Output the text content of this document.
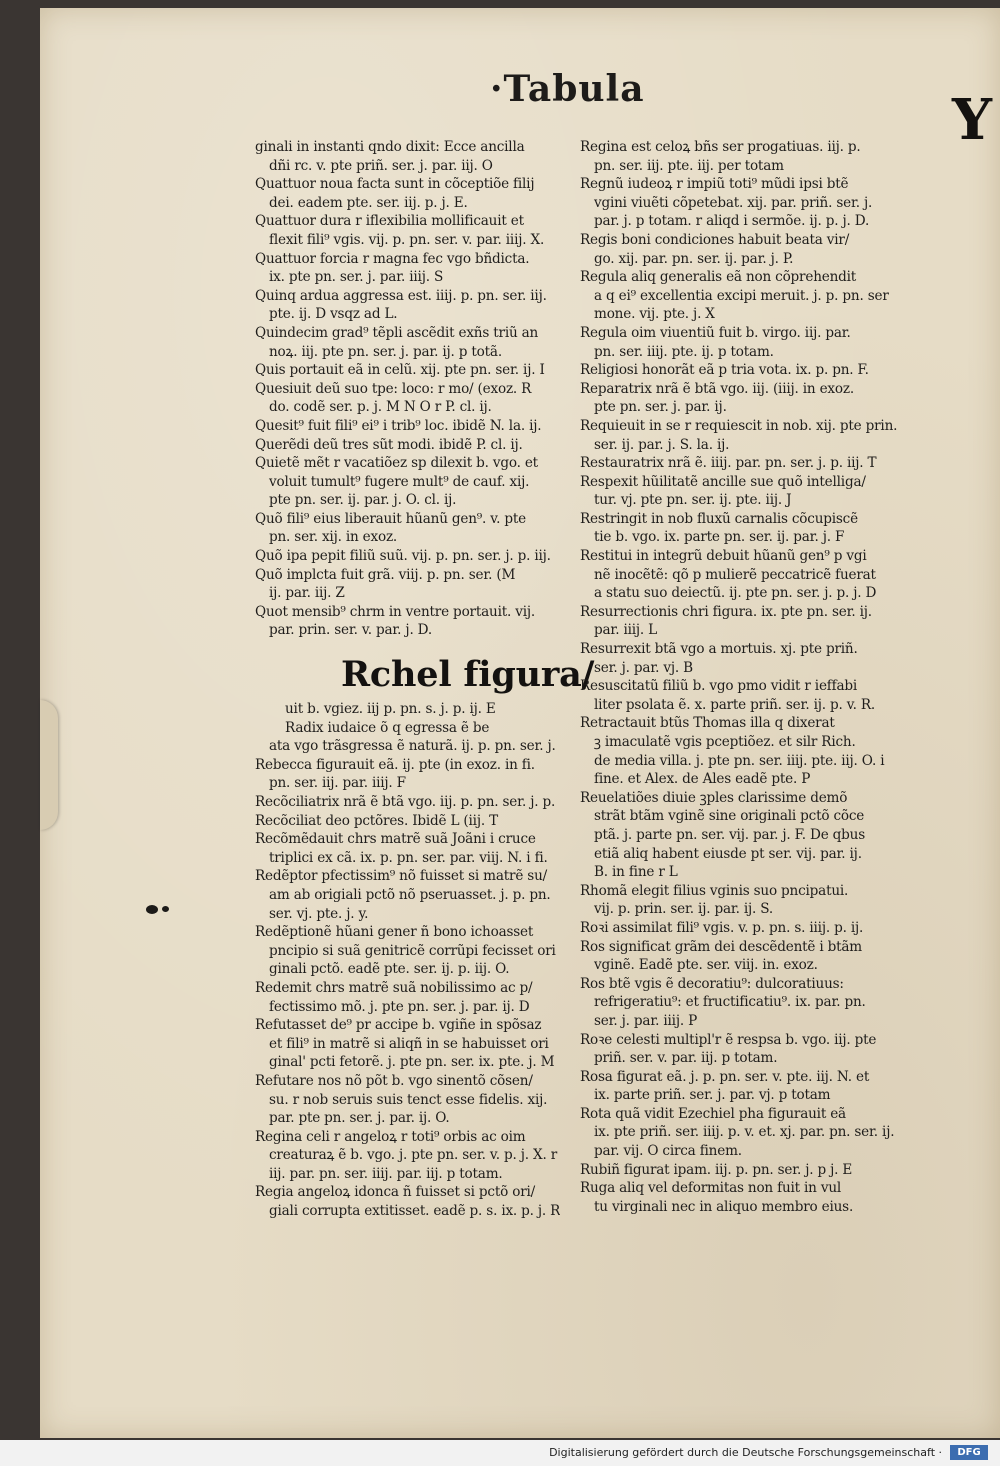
·Tabula	Y
ginali in instanti qndo dixit: Ecce ancilla
dñi rc. v. pte priñ. ser. j. par. iij. O
Quattuor noua facta sunt in cõceptiõe filij
dei. eadem pte. ser. iij. p. j. E.
Quattuor dura r iflexibilia mollificauit et
flexit fili⁹ vgis. vij. p. pn. ser. v. par. iiij. X.
Quattuor forcia r magna fec vgo bñdicta.
ix. pte pn. ser. j. par. iiij. S
Quinq ardua aggressa est. iiij. p. pn. ser. iij.
pte. ij. D vsqz ad L.
Quindecim grad⁹ tẽpli ascẽdit exñs triũ an
noꝝ. iij. pte pn. ser. j. par. ij. p totã.
Quis portauit eã in celũ. xij. pte pn. ser. ij. I
Quesiuit deũ suo tpe: loco: r mo/ (exoz. R
do. codẽ ser. p. j. M N O r P. cl. ij.
Quesit⁹ fuit fili⁹ ei⁹ i trib⁹ loc. ibidẽ N. la. ij.
Querẽdi deũ tres sũt modi. ibidẽ P. cl. ij.
Quietẽ mẽt r vacatiõez sp dilexit b. vgo. et
voluit tumult⁹ fugere mult⁹ de cauf. xij.
pte pn. ser. ij. par. j. O. cl. ij.
Quõ fili⁹ eius liberauit hũanũ gen⁹. v. pte
pn. ser. xij. in exoz.
Quõ ipa pepit filiũ suũ. vij. p. pn. ser. j. p. iij.
Quõ implcta fuit grã. viij. p. pn. ser. (M
ij. par. iij. Z
Quot mensib⁹ chrm in ventre portauit. vij.
par. prin. ser. v. par. j. D.
Rchel figura/
uit b. vgiez. iij p. pn. s. j. p. ij. E
Radix iudaice õ q egressa ẽ be
ata vgo trãsgressa ẽ naturã. ij. p. pn. ser. j.
Rebecca figurauit eã. ij. pte (in exoz. in fi.
pn. ser. iij. par. iiij. F
Recõciliatrix nrã ẽ btã vgo. iij. p. pn. ser. j. p.
Recõciliat deo pctõres. Ibidẽ L (iij. T
Recõmẽdauit chrs matrẽ suã Joãni i cruce
triplici ex cã. ix. p. pn. ser. par. viij. N. i fi.
Redẽptor pfectissim⁹ nõ fuisset si matrẽ su/
am ab origiali pctõ nõ pseruasset. j. p. pn.
ser. vj. pte. j. y.
Redẽptionẽ hũani gener ñ bono ichoasset
pncipio si suã genitricẽ corrũpi fecisset ori
ginali pctõ. eadẽ pte. ser. ij. p. iij. O.
Redemit chrs matrẽ suã nobilissimo ac p/
fectissimo mõ. j. pte pn. ser. j. par. ij. D
Refutasset de⁹ pr accipe b. vgiñe in spõsaz
et fili⁹ in matrẽ si aliqñ in se habuisset ori
ginal' pcti fetorẽ. j. pte pn. ser. ix. pte. j. M
Refutare nos nõ põt b. vgo sinentõ cõsen/
su. r nob seruis suis tenct esse fidelis. xij.
par. pte pn. ser. j. par. ij. O.
Regina celi r angeloꝝ r toti⁹ orbis ac oim
creaturaꝝ ẽ b. vgo. j. pte pn. ser. v. p. j. X. r
iij. par. pn. ser. iiij. par. iij. p totam.
Regia angeloꝝ idonca ñ fuisset si pctõ ori/
giali corrupta extitisset. eadẽ p. s. ix. p. j. R
Regina est celoꝝ bñs ser progatiuas. iij. p.
pn. ser. iij. pte. iij. per totam
Regnũ iudeoꝝ r impiũ toti⁹ mũdi ipsi btẽ
vgini viuẽti cõpetebat. xij. par. priñ. ser. j.
par. j. p totam. r aliqd i sermõe. ij. p. j. D.
Regis boni condiciones habuit beata vir/
go. xij. par. pn. ser. ij. par. j. P.
Regula aliq generalis eã non cõprehendit
a q ei⁹ excellentia excipi meruit. j. p. pn. ser
mone. vij. pte. j. X
Regula oim viuentiũ fuit b. virgo. iij. par.
pn. ser. iiij. pte. ij. p totam.
Religiosi honorãt eã p tria vota. ix. p. pn. F.
Reparatrix nrã ẽ btã vgo. iij. (iiij. in exoz.
pte pn. ser. j. par. ij.
Requieuit in se r requiescit in nob. xij. pte prin.
ser. ij. par. j. S. la. ij.
Restauratrix nrã ẽ. iiij. par. pn. ser. j. p. iij. T
Respexit hũilitatẽ ancille sue quõ intelliga/
tur. vj. pte pn. ser. ij. pte. iij. J
Restringit in nob fluxũ carnalis cõcupiscẽ
tie b. vgo. ix. parte pn. ser. ij. par. j. F
Restitui in integrũ debuit hũanũ gen⁹ p vgi
nẽ inocẽtẽ: qõ p mulierẽ peccatricẽ fuerat
a statu suo deiectũ. ij. pte pn. ser. j. p. j. D
Resurrectionis chri figura. ix. pte pn. ser. ij.
par. iiij. L
Resurrexit btã vgo a mortuis. xj. pte priñ.
ser. j. par. vj. B
Resuscitatũ filiũ b. vgo pmo vidit r ieffabi
liter psolata ẽ. x. parte priñ. ser. ij. p. v. R.
Retractauit btũs Thomas illa q dixerat
ꝫ imaculatẽ vgis pceptiõez. et silr Rich.
de media villa. j. pte pn. ser. iiij. pte. iij. O. i
fine. et Alex. de Ales eadẽ pte. P
Reuelatiões diuie ꝫples clarissime demõ
strãt btãm vginẽ sine originali pctõ cõce
ptã. j. parte pn. ser. vij. par. j. F. De qbus
etiã aliq habent eiusde pt ser. vij. par. ij.
B. in fine r L
Rhomã elegit filius vginis suo pncipatui.
vij. p. prin. ser. ij. par. ij. S.
Roꝛi assimilat fili⁹ vgis. v. p. pn. s. iiij. p. ij.
Ros significat grãm dei descẽdentẽ i btãm
vginẽ. Eadẽ pte. ser. viij. in. exoz.
Ros btẽ vgis ẽ decoratiu⁹: dulcoratiuus:
refrigeratiu⁹: et fructificatiu⁹. ix. par. pn.
ser. j. par. iiij. P
Roꝛe celesti multipl'r ẽ respsa b. vgo. iij. pte
priñ. ser. v. par. iij. p totam.
Rosa figurat eã. j. p. pn. ser. v. pte. iij. N. et
ix. parte priñ. ser. j. par. vj. p totam
Rota quã vidit Ezechiel pha figurauit eã
ix. pte priñ. ser. iiij. p. v. et. xj. par. pn. ser. ij.
par. vij. O circa finem.
Rubiñ figurat ipam. iij. p. pn. ser. j. p j. E
Ruga aliq vel deformitas non fuit in vul
tu virginali nec in aliquo membro eius.
Digitalisierung gefördert durch die Deutsche Forschungsgemeinschaft ·	DFG
